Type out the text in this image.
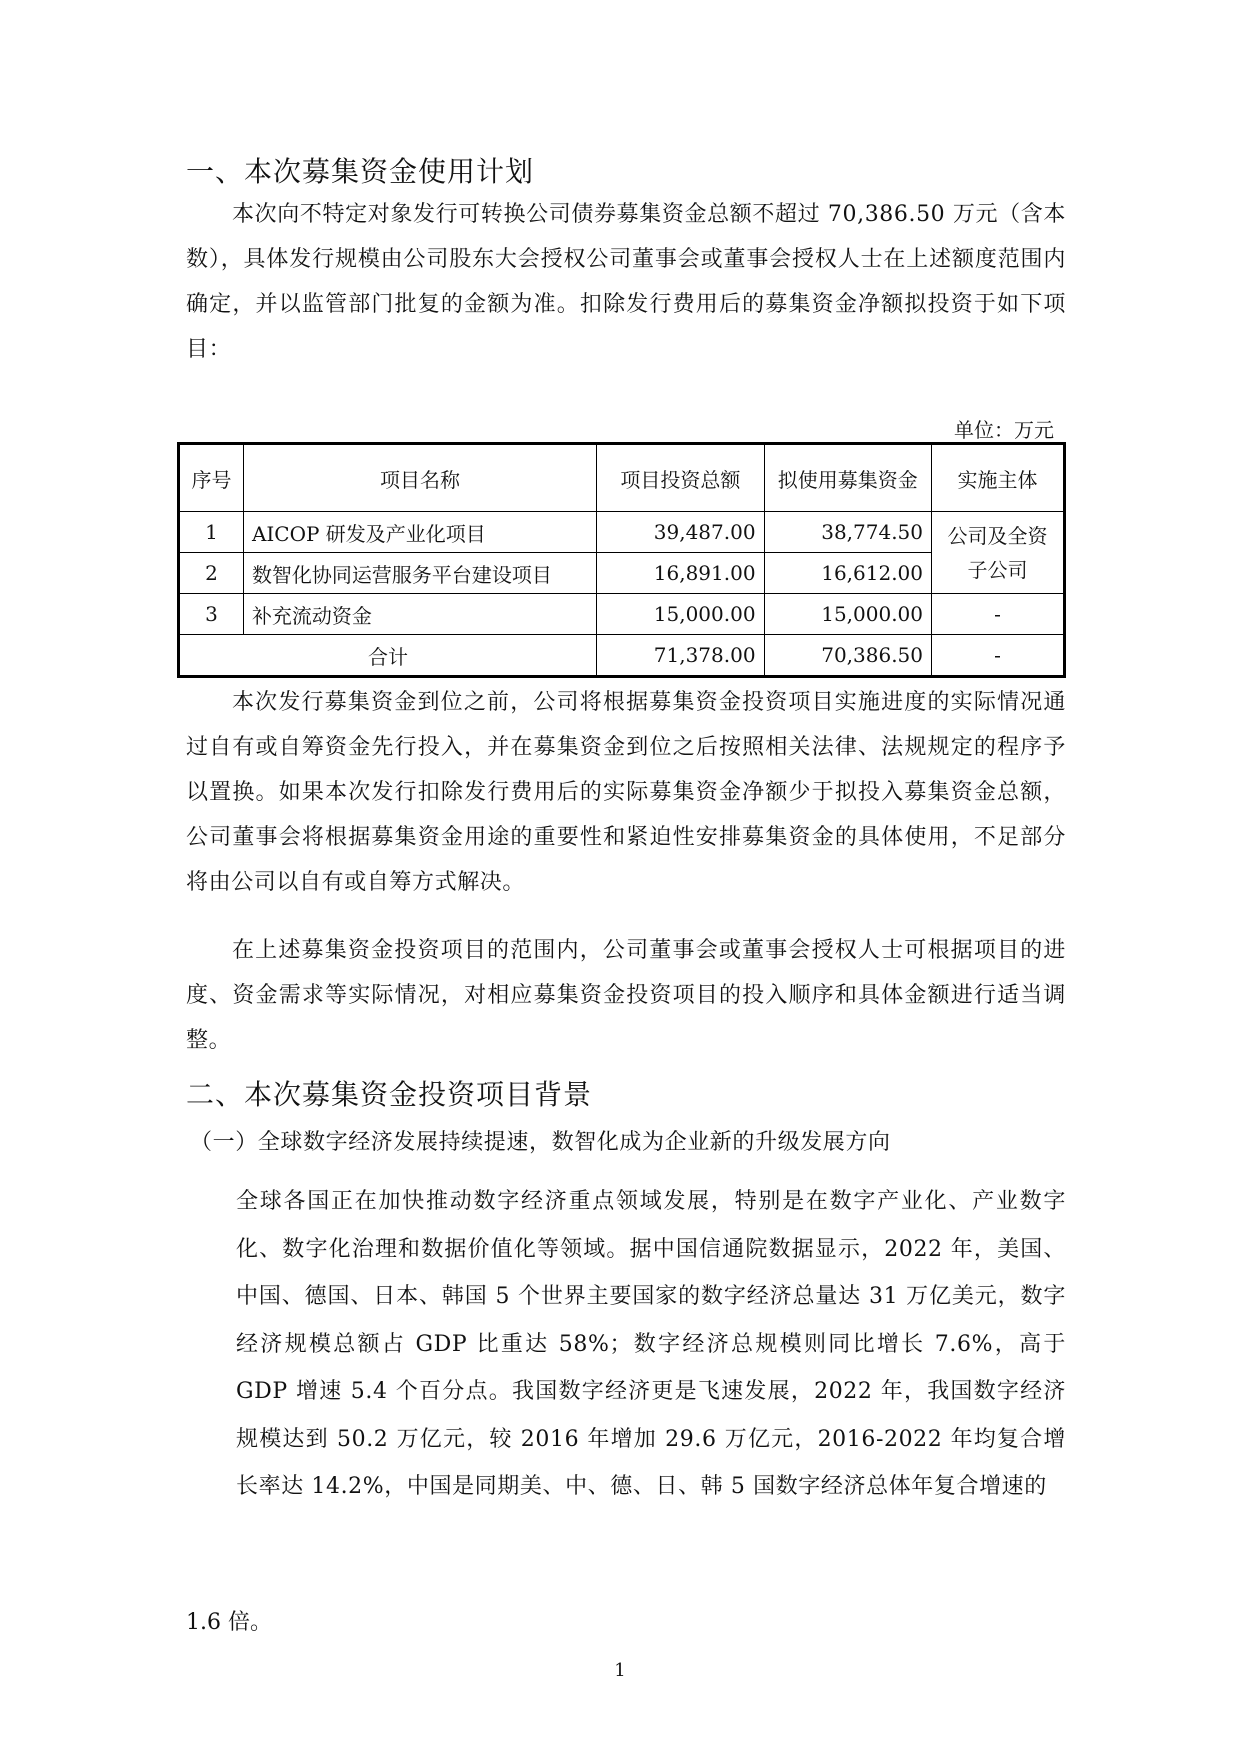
一、本次募集资金使用计划

本次向不特定对象发行可转换公司债券募集资金总额不超过 70,386.50 万元（含本数），具体发行规模由公司股东大会授权公司董事会或董事会授权人士在上述额度范围内确定，并以监管部门批复的金额为准。扣除发行费用后的募集资金净额拟投资于如下项目：

单位：万元
序号	项目名称	项目投资总额	拟使用募集资金	实施主体
1	AICOP 研发及产业化项目	39,487.00	38,774.50	公司及全资子公司
2	数智化协同运营服务平台建设项目	16,891.00	16,612.00	
3	补充流动资金	15,000.00	15,000.00	-
合计		71,378.00	70,386.50	-

本次发行募集资金到位之前，公司将根据募集资金投资项目实施进度的实际情况通过自有或自筹资金先行投入，并在募集资金到位之后按照相关法律、法规规定的程序予以置换。如果本次发行扣除发行费用后的实际募集资金净额少于拟投入募集资金总额，公司董事会将根据募集资金用途的重要性和紧迫性安排募集资金的具体使用，不足部分将由公司以自有或自筹方式解决。

在上述募集资金投资项目的范围内，公司董事会或董事会授权人士可根据项目的进度、资金需求等实际情况，对相应募集资金投资项目的投入顺序和具体金额进行适当调整。

二、本次募集资金投资项目背景

（一）全球数字经济发展持续提速，数智化成为企业新的升级发展方向

全球各国正在加快推动数字经济重点领域发展，特别是在数字产业化、产业数字化、数字化治理和数据价值化等领域。据中国信通院数据显示，2022 年，美国、中国、德国、日本、韩国 5 个世界主要国家的数字经济总量达 31 万亿美元，数字经济规模总额占 GDP 比重达 58%；数字经济总规模则同比增长 7.6%，高于 GDP 增速 5.4 个百分点。我国数字经济更是飞速发展，2022 年，我国数字经济规模达到 50.2 万亿元，较 2016 年增加 29.6 万亿元，2016-2022 年均复合增长率达 14.2%，中国是同期美、中、德、日、韩 5 国数字经济总体年复合增速的

1.6 倍。

1
